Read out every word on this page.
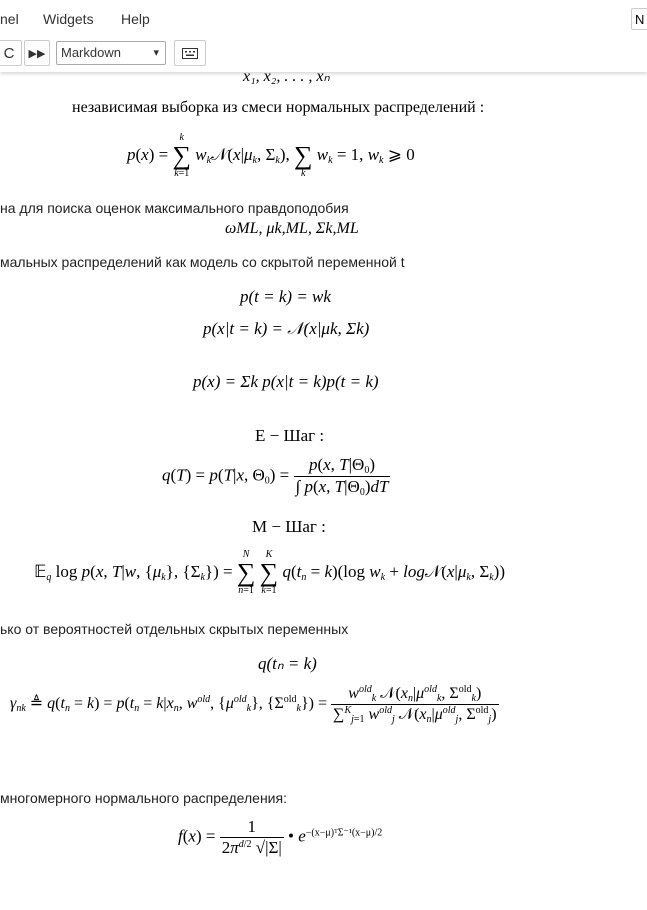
nel Widgets Help	N
C ▶▶	Markdown	▾
x₁, x₂, . . . , xₙ
независимая выборка из смеси нормальных распределений :
p(x) =
k
∑
k=1
$w_k𝒩(x|\mu_k$, $\Sigma_k$),
∑
k
$w_k = 1$, $w_k$ ⩾ 0
на для поиска оценок максимального правдоподобия
ωML, μk,ML, Σk,ML
мальных распределений как модель со скрытой переменной t
p(t = k) = wk
p(x|t = k) = 𝒩(x|μk, Σk)
p(x) = Σk p(x|t = k)p(t = k)
E − Шаг :
q(T) = p(T|x, $\Theta_0) = \frac{p(x, T|\Theta_0)}{\int p(x, T|\Theta_0)dT}$
M − Шаг :
𝔼$_q$ log p(x, T|w, $\{\mu_k\}$, $\{\Sigma_k\}$) =
N
∑
n=1

K
∑
k=1
$q(t_n = k)(\log$ $w_k$ + $\log 𝒩(x|\mu_k$, $\Sigma_k$))
ько от вероятностей отдельных скрытых переменных
q(tₙ = k)
$\gamma_{nk}$ ≜ $q(t_n = k) = p(t_n = k|x_n$, $w^{old}$, $\{\mu^{old}_k\}$, $\{\Sigma^{old}_k\}) = \frac{w^{old}_k 𝒩(x_n|\mu^{old}_k, \Sigma^{old}_k)}{\sum^K_{j=1} w^{old}_j 𝒩(x_n|\mu^{old}_j, \Sigma^{old}_j)}$
многомерного нормального распределения:
$f(x) = \frac{1}{2\pi^{d/2} √|\Sigma|}$ • $e^{-(x-\mu)ᵀ\Sigma^{-1}(x-\mu)/2}$
